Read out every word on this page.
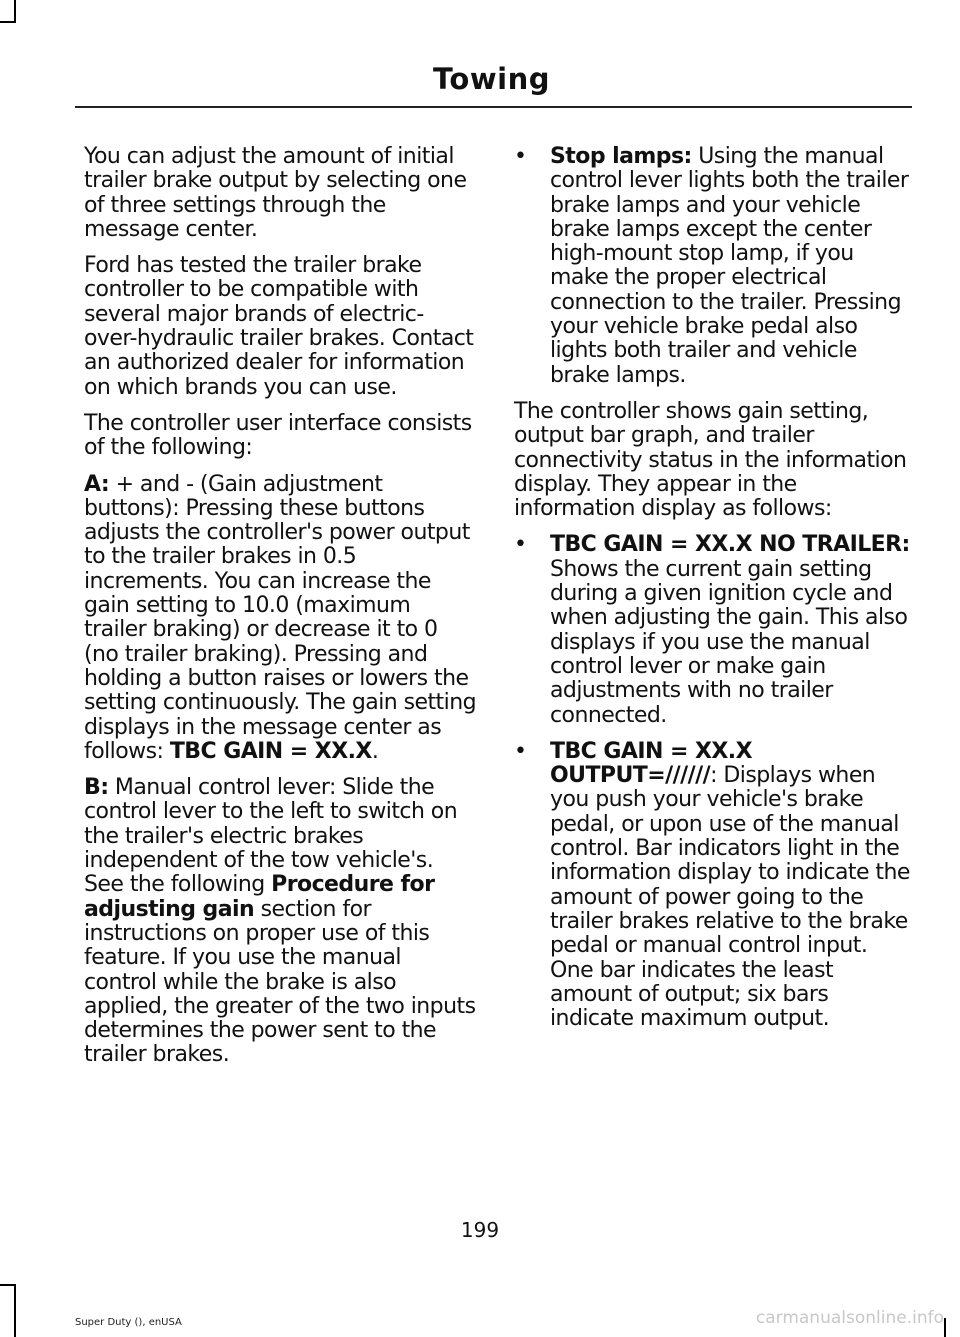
Towing

You can adjust the amount of initial trailer brake output by selecting one of three settings through the message center.

Ford has tested the trailer brake controller to be compatible with several major brands of electric-over-hydraulic trailer brakes. Contact an authorized dealer for information on which brands you can use.

The controller user interface consists of the following:

A: + and - (Gain adjustment buttons): Pressing these buttons adjusts the controller's power output to the trailer brakes in 0.5 increments. You can increase the gain setting to 10.0 (maximum trailer braking) or decrease it to 0 (no trailer braking). Pressing and holding a button raises or lowers the setting continuously. The gain setting displays in the message center as follows: TBC GAIN = XX.X.

B: Manual control lever: Slide the control lever to the left to switch on the trailer's electric brakes independent of the tow vehicle's. See the following Procedure for adjusting gain section for instructions on proper use of this feature. If you use the manual control while the brake is also applied, the greater of the two inputs determines the power sent to the trailer brakes.

• Stop lamps: Using the manual control lever lights both the trailer brake lamps and your vehicle brake lamps except the center high-mount stop lamp, if you make the proper electrical connection to the trailer. Pressing your vehicle brake pedal also lights both trailer and vehicle brake lamps.

The controller shows gain setting, output bar graph, and trailer connectivity status in the information display. They appear in the information display as follows:

• TBC GAIN = XX.X NO TRAILER: Shows the current gain setting during a given ignition cycle and when adjusting the gain. This also displays if you use the manual control lever or make gain adjustments with no trailer connected.
• TBC GAIN = XX.X OUTPUT=//////: Displays when you push your vehicle's brake pedal, or upon use of the manual control. Bar indicators light in the information display to indicate the amount of power going to the trailer brakes relative to the brake pedal or manual control input. One bar indicates the least amount of output; six bars indicate maximum output.
199
Super Duty (), enUSA	carmanualsonline.info
